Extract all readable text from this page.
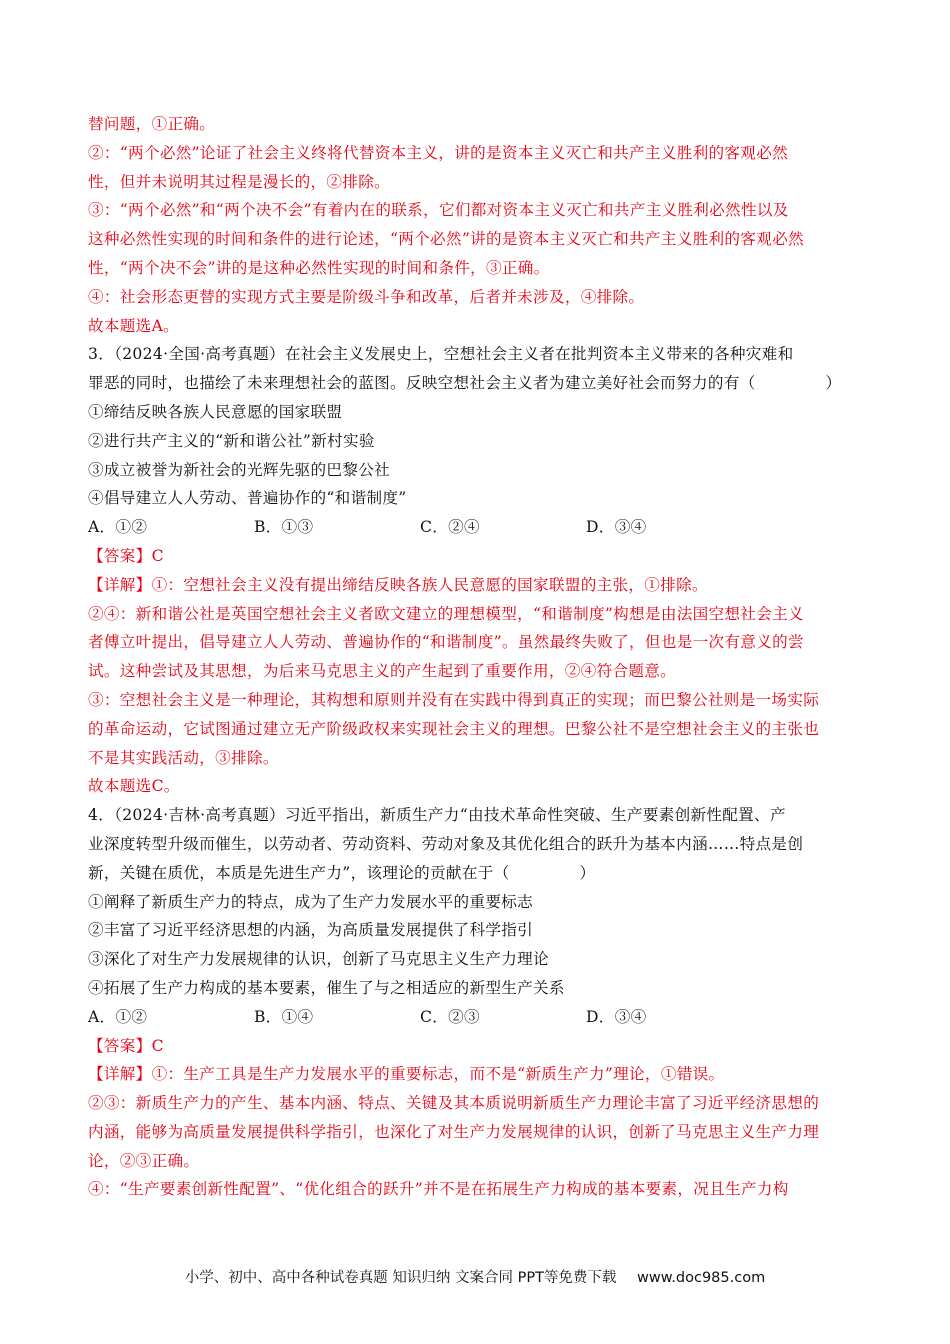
替问题，①正确。
②：“两个必然”论证了社会主义终将代替资本主义，讲的是资本主义灭亡和共产主义胜利的客观必然
性，但并未说明其过程是漫长的，②排除。
③：“两个必然”和“两个决不会”有着内在的联系，它们都对资本主义灭亡和共产主义胜利必然性以及
这种必然性实现的时间和条件的进行论述，“两个必然”讲的是资本主义灭亡和共产主义胜利的客观必然
性，“两个决不会”讲的是这种必然性实现的时间和条件，③正确。
④：社会形态更替的实现方式主要是阶级斗争和改革，后者并未涉及，④排除。
故本题选A。
3．（2024·全国·高考真题）在社会主义发展史上，空想社会主义者在批判资本主义带来的各种灾难和
罪恶的同时，也描绘了未来理想社会的蓝图。反映空想社会主义者为建立美好社会而努力的有（	）
①缔结反映各族人民意愿的国家联盟
②进行共产主义的“新和谐公社”新村实验
③成立被誉为新社会的光辉先驱的巴黎公社
④倡导建立人人劳动、普遍协作的“和谐制度”
A．①②	B．①③	C．②④	D．③④
【答案】C
【详解】①：空想社会主义没有提出缔结反映各族人民意愿的国家联盟的主张，①排除。
②④：新和谐公社是英国空想社会主义者欧文建立的理想模型，“和谐制度”构想是由法国空想社会主义
者傅立叶提出，倡导建立人人劳动、普遍协作的“和谐制度”。虽然最终失败了，但也是一次有意义的尝
试。这种尝试及其思想，为后来马克思主义的产生起到了重要作用，②④符合题意。
③：空想社会主义是一种理论，其构想和原则并没有在实践中得到真正的实现；而巴黎公社则是一场实际
的革命运动，它试图通过建立无产阶级政权来实现社会主义的理想。巴黎公社不是空想社会主义的主张也
不是其实践活动，③排除。
故本题选C。
4．（2024·吉林·高考真题）习近平指出，新质生产力“由技术革命性突破、生产要素创新性配置、产
业深度转型升级而催生，以劳动者、劳动资料、劳动对象及其优化组合的跃升为基本内涵……特点是创
新，关键在质优，本质是先进生产力”，该理论的贡献在于（	）
①阐释了新质生产力的特点，成为了生产力发展水平的重要标志
②丰富了习近平经济思想的内涵，为高质量发展提供了科学指引
③深化了对生产力发展规律的认识，创新了马克思主义生产力理论
④拓展了生产力构成的基本要素，催生了与之相适应的新型生产关系
A．①②	B．①④	C．②③	D．③④
【答案】C
【详解】①：生产工具是生产力发展水平的重要标志，而不是“新质生产力”理论，①错误。
②③：新质生产力的产生、基本内涵、特点、关键及其本质说明新质生产力理论丰富了习近平经济思想的
内涵，能够为高质量发展提供科学指引，也深化了对生产力发展规律的认识，创新了马克思主义生产力理
论，②③正确。
④：“生产要素创新性配置”、“优化组合的跃升”并不是在拓展生产力构成的基本要素，况且生产力构
小学、初中、高中各种试卷真题 知识归纳 文案合同 PPT等免费下载 www.doc985.com
